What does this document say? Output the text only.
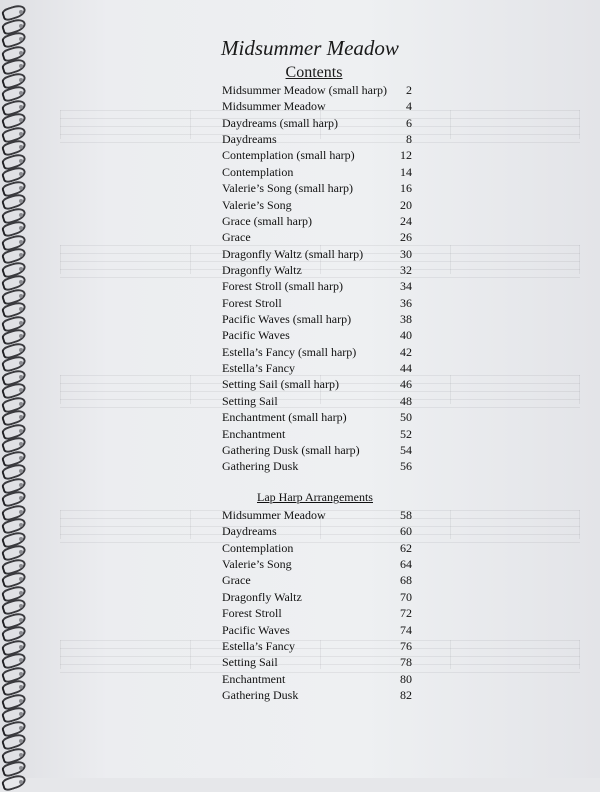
Midsummer Meadow
Contents
Midsummer Meadow (small harp) 2
Midsummer Meadow	4
Daydreams (small harp)	6
Daydreams	8
Contemplation (small harp)	12
Contemplation	14
Valerie’s Song (small harp)	16
Valerie’s Song	20
Grace (small harp)	24
Grace	26
Dragonfly Waltz (small harp)	30
Dragonfly Waltz	32
Forest Stroll (small harp)	34
Forest Stroll	36
Pacific Waves (small harp)	38
Pacific Waves	40
Estella’s Fancy (small harp)	42
Estella’s Fancy	44
Setting Sail (small harp)	46
Setting Sail	48
Enchantment (small harp)	50
Enchantment	52
Gathering Dusk (small harp)	54
Gathering Dusk	56
Lap Harp Arrangements
Midsummer Meadow	58
Daydreams	60
Contemplation	62
Valerie’s Song	64
Grace	68
Dragonfly Waltz	70
Forest Stroll	72
Pacific Waves	74
Estella’s Fancy	76
Setting Sail	78
Enchantment	80
Gathering Dusk	82
